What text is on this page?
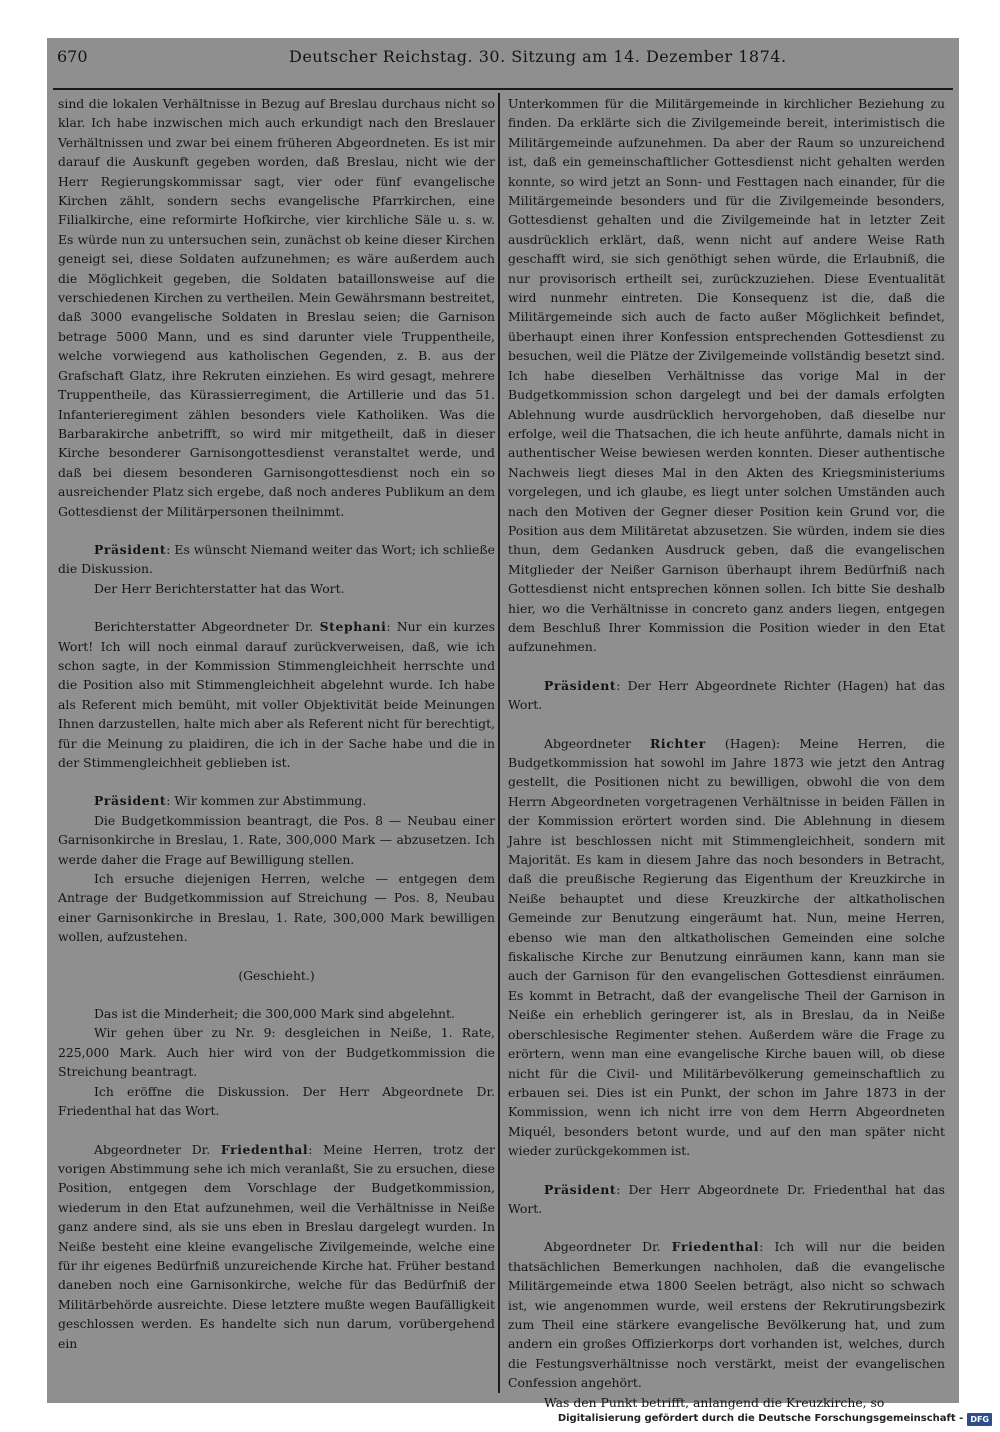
670	Deutscher Reichstag. 30. Sitzung am 14. Dezember 1874.

sind die lokalen Verhältnisse in Bezug auf Breslau durchaus nicht so klar. Ich habe inzwischen mich auch erkundigt nach den Breslauer Verhältnissen und zwar bei einem früheren Abgeordneten. Es ist mir darauf die Auskunft gegeben worden, daß Breslau, nicht wie der Herr Regierungskommissar sagt, vier oder fünf evangelische Kirchen zählt, sondern sechs evangelische Pfarrkirchen, eine Filialkirche, eine reformirte Hofkirche, vier kirchliche Säle u. s. w. Es würde nun zu untersuchen sein, zunächst ob keine dieser Kirchen geneigt sei, diese Soldaten aufzunehmen; es wäre außerdem auch die Möglichkeit gegeben, die Soldaten bataillonsweise auf die verschiedenen Kirchen zu vertheilen. Mein Gewährsmann bestreitet, daß 3000 evangelische Soldaten in Breslau seien; die Garnison betrage 5000 Mann, und es sind darunter viele Truppentheile, welche vorwiegend aus katholischen Gegenden, z. B. aus der Grafschaft Glatz, ihre Rekruten einziehen. Es wird gesagt, mehrere Truppentheile, das Kürassierregiment, die Artillerie und das 51. Infanterieregiment zählen besonders viele Katholiken. Was die Barbarakirche anbetrifft, so wird mir mitgetheilt, daß in dieser Kirche besonderer Garnisongottesdienst veranstaltet werde, und daß bei diesem besonderen Garnisongottesdienst noch ein so ausreichender Platz sich ergebe, daß noch anderes Publikum an dem Gottesdienst der Militärpersonen theilnimmt.

Präsident: Es wünscht Niemand weiter das Wort; ich schließe die Diskussion.

Der Herr Berichterstatter hat das Wort.

Berichterstatter Abgeordneter Dr. Stephani: Nur ein kurzes Wort! Ich will noch einmal darauf zurückverweisen, daß, wie ich schon sagte, in der Kommission Stimmengleichheit herrschte und die Position also mit Stimmengleichheit abgelehnt wurde. Ich habe als Referent mich bemüht, mit voller Objektivität beide Meinungen Ihnen darzustellen, halte mich aber als Referent nicht für berechtigt, für die Meinung zu plaidiren, die ich in der Sache habe und die in der Stimmengleichheit geblieben ist.

Präsident: Wir kommen zur Abstimmung.

Die Budgetkommission beantragt, die Pos. 8 — Neubau einer Garnisonkirche in Breslau, 1. Rate, 300,000 Mark — abzusetzen. Ich werde daher die Frage auf Bewilligung stellen.

Ich ersuche diejenigen Herren, welche — entgegen dem Antrage der Budgetkommission auf Streichung — Pos. 8, Neubau einer Garnisonkirche in Breslau, 1. Rate, 300,000 Mark bewilligen wollen, aufzustehen.

(Geschieht.)

Das ist die Minderheit; die 300,000 Mark sind abgelehnt.

Wir gehen über zu Nr. 9: desgleichen in Neiße, 1. Rate, 225,000 Mark. Auch hier wird von der Budgetkommission die Streichung beantragt.

Ich eröffne die Diskussion. Der Herr Abgeordnete Dr. Friedenthal hat das Wort.

Abgeordneter Dr. Friedenthal: Meine Herren, trotz der vorigen Abstimmung sehe ich mich veranlaßt, Sie zu ersuchen, diese Position, entgegen dem Vorschlage der Budgetkommission, wiederum in den Etat aufzunehmen, weil die Verhältnisse in Neiße ganz andere sind, als sie uns eben in Breslau dargelegt wurden. In Neiße besteht eine kleine evangelische Zivilgemeinde, welche eine für ihr eigenes Bedürfniß unzureichende Kirche hat. Früher bestand daneben noch eine Garnisonkirche, welche für das Bedürfniß der Militärbehörde ausreichte. Diese letztere mußte wegen Baufälligkeit geschlossen werden. Es handelte sich nun darum, vorübergehend ein

Unterkommen für die Militärgemeinde in kirchlicher Beziehung zu finden. Da erklärte sich die Zivilgemeinde bereit, interimistisch die Militärgemeinde aufzunehmen. Da aber der Raum so unzureichend ist, daß ein gemeinschaftlicher Gottesdienst nicht gehalten werden konnte, so wird jetzt an Sonn- und Festtagen nach einander, für die Militärgemeinde besonders und für die Zivilgemeinde besonders, Gottesdienst gehalten und die Zivilgemeinde hat in letzter Zeit ausdrücklich erklärt, daß, wenn nicht auf andere Weise Rath geschafft wird, sie sich genöthigt sehen würde, die Erlaubniß, die nur provisorisch ertheilt sei, zurückzuziehen. Diese Eventualität wird nunmehr eintreten. Die Konsequenz ist die, daß die Militärgemeinde sich auch de facto außer Möglichkeit befindet, überhaupt einen ihrer Konfession entsprechenden Gottesdienst zu besuchen, weil die Plätze der Zivilgemeinde vollständig besetzt sind. Ich habe dieselben Verhältnisse das vorige Mal in der Budgetkommission schon dargelegt und bei der damals erfolgten Ablehnung wurde ausdrücklich hervorgehoben, daß dieselbe nur erfolge, weil die Thatsachen, die ich heute anführte, damals nicht in authentischer Weise bewiesen werden konnten. Dieser authentische Nachweis liegt dieses Mal in den Akten des Kriegsministeriums vorgelegen, und ich glaube, es liegt unter solchen Umständen auch nach den Motiven der Gegner dieser Position kein Grund vor, die Position aus dem Militäretat abzusetzen. Sie würden, indem sie dies thun, dem Gedanken Ausdruck geben, daß die evangelischen Mitglieder der Neißer Garnison überhaupt ihrem Bedürfniß nach Gottesdienst nicht entsprechen können sollen. Ich bitte Sie deshalb hier, wo die Verhältnisse in concreto ganz anders liegen, entgegen dem Beschluß Ihrer Kommission die Position wieder in den Etat aufzunehmen.

Präsident: Der Herr Abgeordnete Richter (Hagen) hat das Wort.

Abgeordneter Richter (Hagen): Meine Herren, die Budgetkommission hat sowohl im Jahre 1873 wie jetzt den Antrag gestellt, die Positionen nicht zu bewilligen, obwohl die von dem Herrn Abgeordneten vorgetragenen Verhältnisse in beiden Fällen in der Kommission erörtert worden sind. Die Ablehnung in diesem Jahre ist beschlossen nicht mit Stimmengleichheit, sondern mit Majorität. Es kam in diesem Jahre das noch besonders in Betracht, daß die preußische Regierung das Eigenthum der Kreuzkirche in Neiße behauptet und diese Kreuzkirche der altkatholischen Gemeinde zur Benutzung eingeräumt hat. Nun, meine Herren, ebenso wie man den altkatholischen Gemeinden eine solche fiskalische Kirche zur Benutzung einräumen kann, kann man sie auch der Garnison für den evangelischen Gottesdienst einräumen. Es kommt in Betracht, daß der evangelische Theil der Garnison in Neiße ein erheblich geringerer ist, als in Breslau, da in Neiße oberschlesische Regimenter stehen. Außerdem wäre die Frage zu erörtern, wenn man eine evangelische Kirche bauen will, ob diese nicht für die Civil- und Militärbevölkerung gemeinschaftlich zu erbauen sei. Dies ist ein Punkt, der schon im Jahre 1873 in der Kommission, wenn ich nicht irre von dem Herrn Abgeordneten Miquél, besonders betont wurde, und auf den man später nicht wieder zurückgekommen ist.

Präsident: Der Herr Abgeordnete Dr. Friedenthal hat das Wort.

Abgeordneter Dr. Friedenthal: Ich will nur die beiden thatsächlichen Bemerkungen nachholen, daß die evangelische Militärgemeinde etwa 1800 Seelen beträgt, also nicht so schwach ist, wie angenommen wurde, weil erstens der Rekrutirungsbezirk zum Theil eine stärkere evangelische Bevölkerung hat, und zum andern ein großes Offizierkorps dort vorhanden ist, welches, durch die Festungsverhältnisse noch verstärkt, meist der evangelischen Confession angehört.

Was den Punkt betrifft, anlangend die Kreuzkirche, so

Digitalisierung gefördert durch die Deutsche Forschungsgemeinschaft - DFG
